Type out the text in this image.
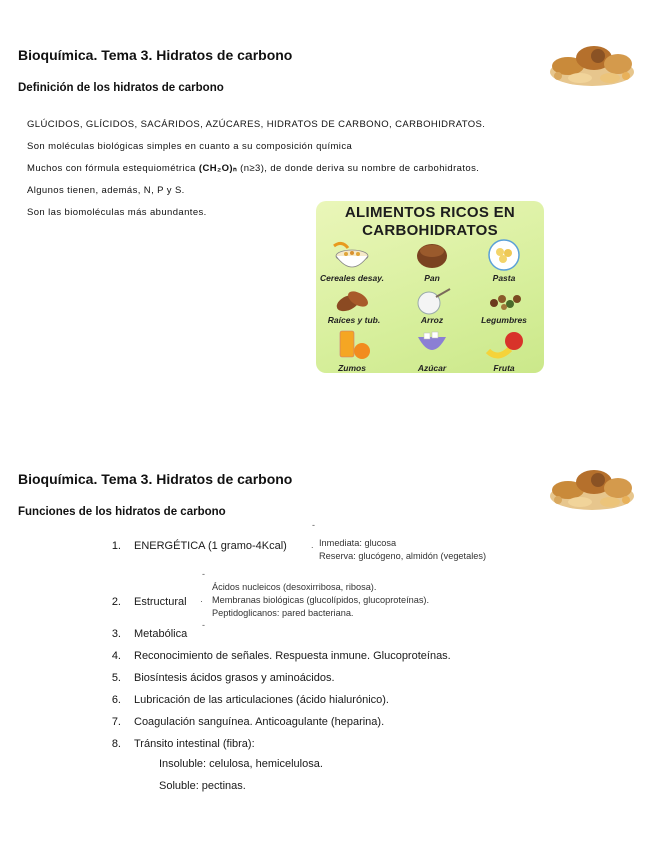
Bioquímica. Tema 3. Hidratos de carbono
Definición de los hidratos de carbono
GLÚCIDOS, GLÍCIDOS, SACÁRIDOS, AZÚCARES, HIDRATOS DE CARBONO, CARBOHIDRATOS.
Son moléculas biológicas simples en cuanto a su composición química
Muchos con fórmula estequiométrica (CH₂O)ₙ (n≥3), de donde deriva su nombre de carbohidratos.
Algunos tienen, además, N, P y S.
Son las biomoléculas más abundantes.	ALIMENTOS RICOS EN
CARBOHIDRATOS
Cereales desay.	Pan	Pasta
Raíces y tub.	Arroz	Legumbres
Zumos	Azúcar	Fruta
Bioquímica. Tema 3. Hidratos de carbono
Funciones de los hidratos de carbono
1. ENERGÉTICA (1 gramo-4Kcal)
-
. Inmediata: glucosa
Reserva: glucógeno, almidón (vegetales)
-
Ácidos nucleicos (desoxirribosa, ribosa).
2. Estructural · Membranas biológicas (glucolípidos, glucoproteínas).
Peptidoglicanos: pared bacteriana.
-
3. Metabólica
4. Reconocimiento de señales. Respuesta inmune. Glucoproteínas.
5. Biosíntesis ácidos grasos y aminoácidos.
6. Lubricación de las articulaciones (ácido hialurónico).
7. Coagulación sanguínea. Anticoagulante (heparina).
8. Tránsito intestinal (fibra):
Insoluble: celulosa, hemicelulosa.
Soluble: pectinas.
